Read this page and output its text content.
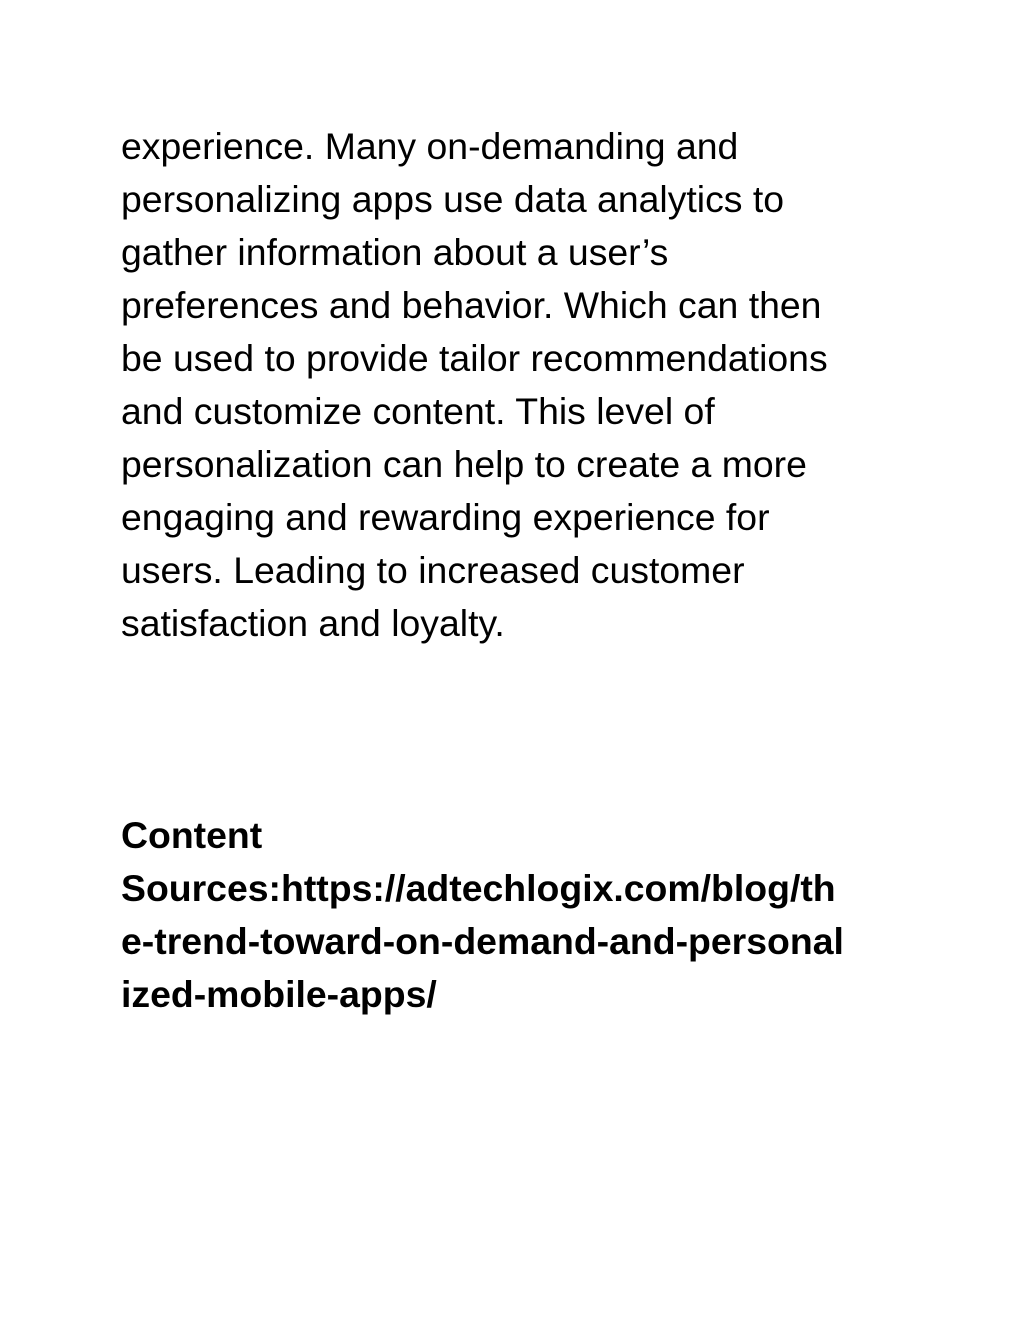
experience. Many on-demanding and
personalizing apps use data analytics to
gather information about a user’s
preferences and behavior. Which can then
be used to provide tailor recommendations
and customize content. This level of
personalization can help to create a more
engaging and rewarding experience for
users. Leading to increased customer
satisfaction and loyalty.
Content
Sources:https://adtechlogix.com/blog/th
e-trend-toward-on-demand-and-personal
ized-mobile-apps/
